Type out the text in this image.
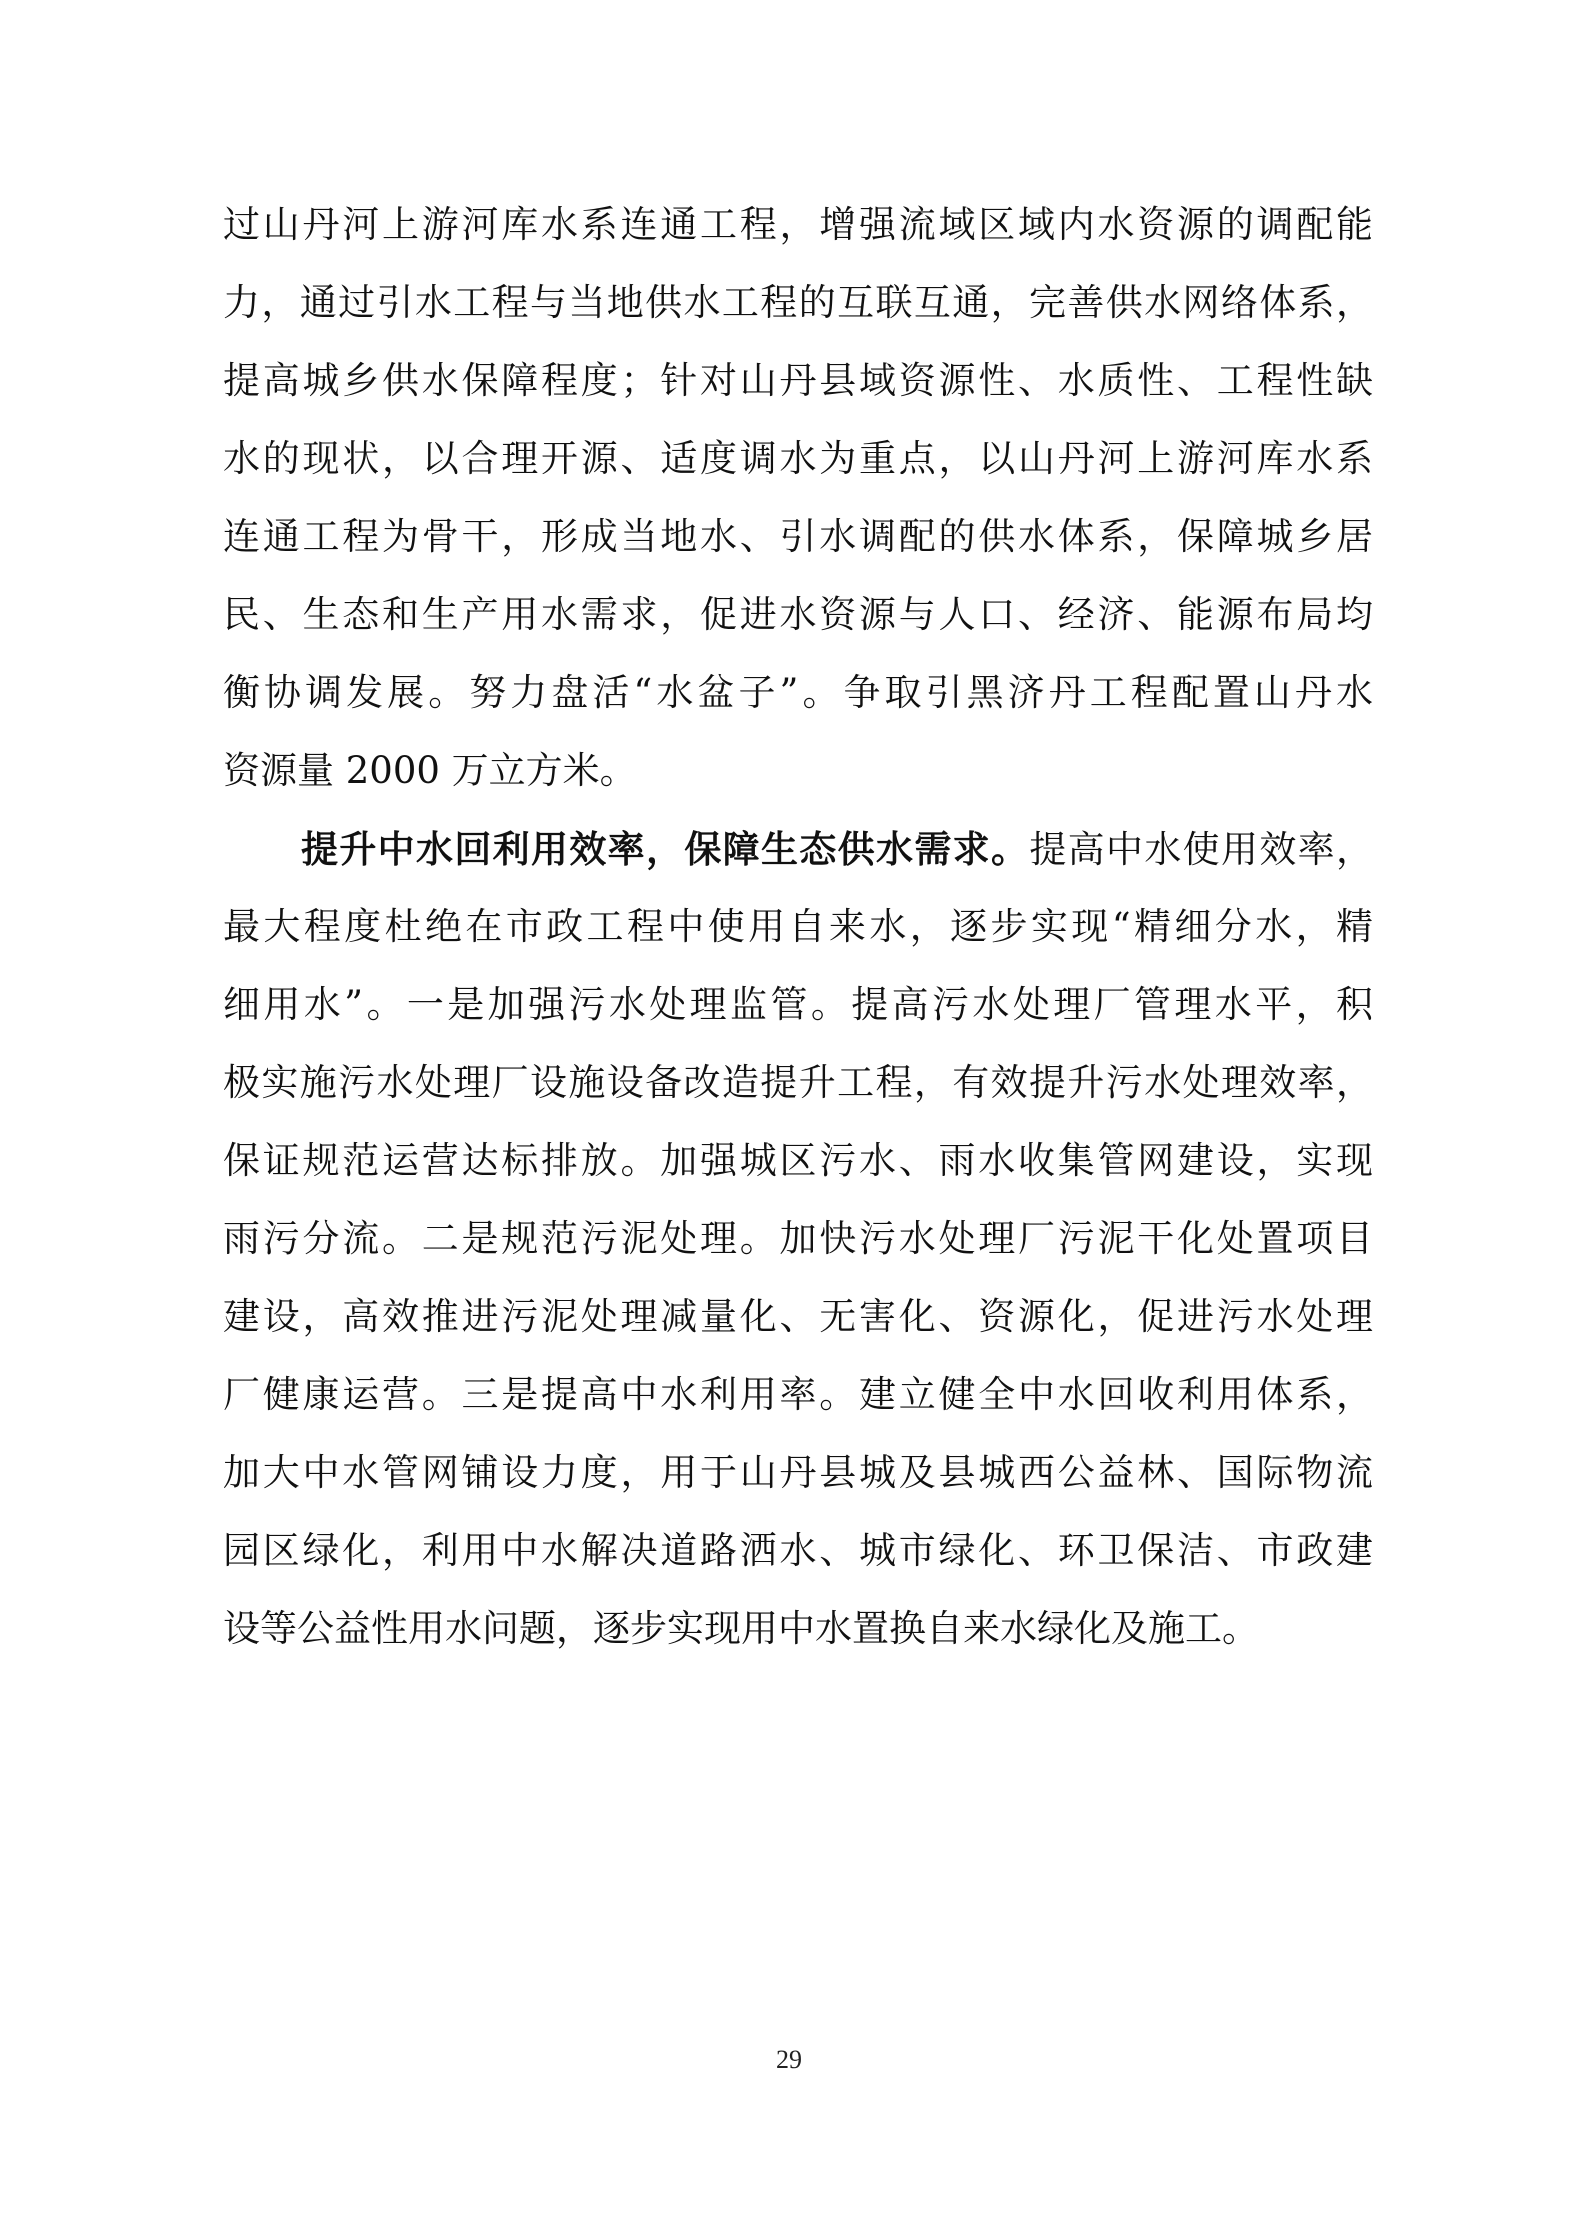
过山丹河上游河库水系连通工程，增强流域区域内水资源的调配能
力，通过引水工程与当地供水工程的互联互通，完善供水网络体系，
提高城乡供水保障程度；针对山丹县域资源性、水质性、工程性缺
水的现状，以合理开源、适度调水为重点，以山丹河上游河库水系
连通工程为骨干，形成当地水、引水调配的供水体系，保障城乡居
民、生态和生产用水需求，促进水资源与人口、经济、能源布局均
衡协调发展。努力盘活“水盆子”。争取引黑济丹工程配置山丹水
资源量 2000 万立方米。
提升中水回利用效率，保障生态供水需求。提高中水使用效率，
最大程度杜绝在市政工程中使用自来水，逐步实现“精细分水，精
细用水”。一是加强污水处理监管。提高污水处理厂管理水平，积
极实施污水处理厂设施设备改造提升工程，有效提升污水处理效率，
保证规范运营达标排放。加强城区污水、雨水收集管网建设，实现
雨污分流。二是规范污泥处理。加快污水处理厂污泥干化处置项目
建设，高效推进污泥处理减量化、无害化、资源化，促进污水处理
厂健康运营。三是提高中水利用率。建立健全中水回收利用体系，
加大中水管网铺设力度，用于山丹县城及县城西公益林、国际物流
园区绿化，利用中水解决道路洒水、城市绿化、环卫保洁、市政建
设等公益性用水问题，逐步实现用中水置换自来水绿化及施工。
29
